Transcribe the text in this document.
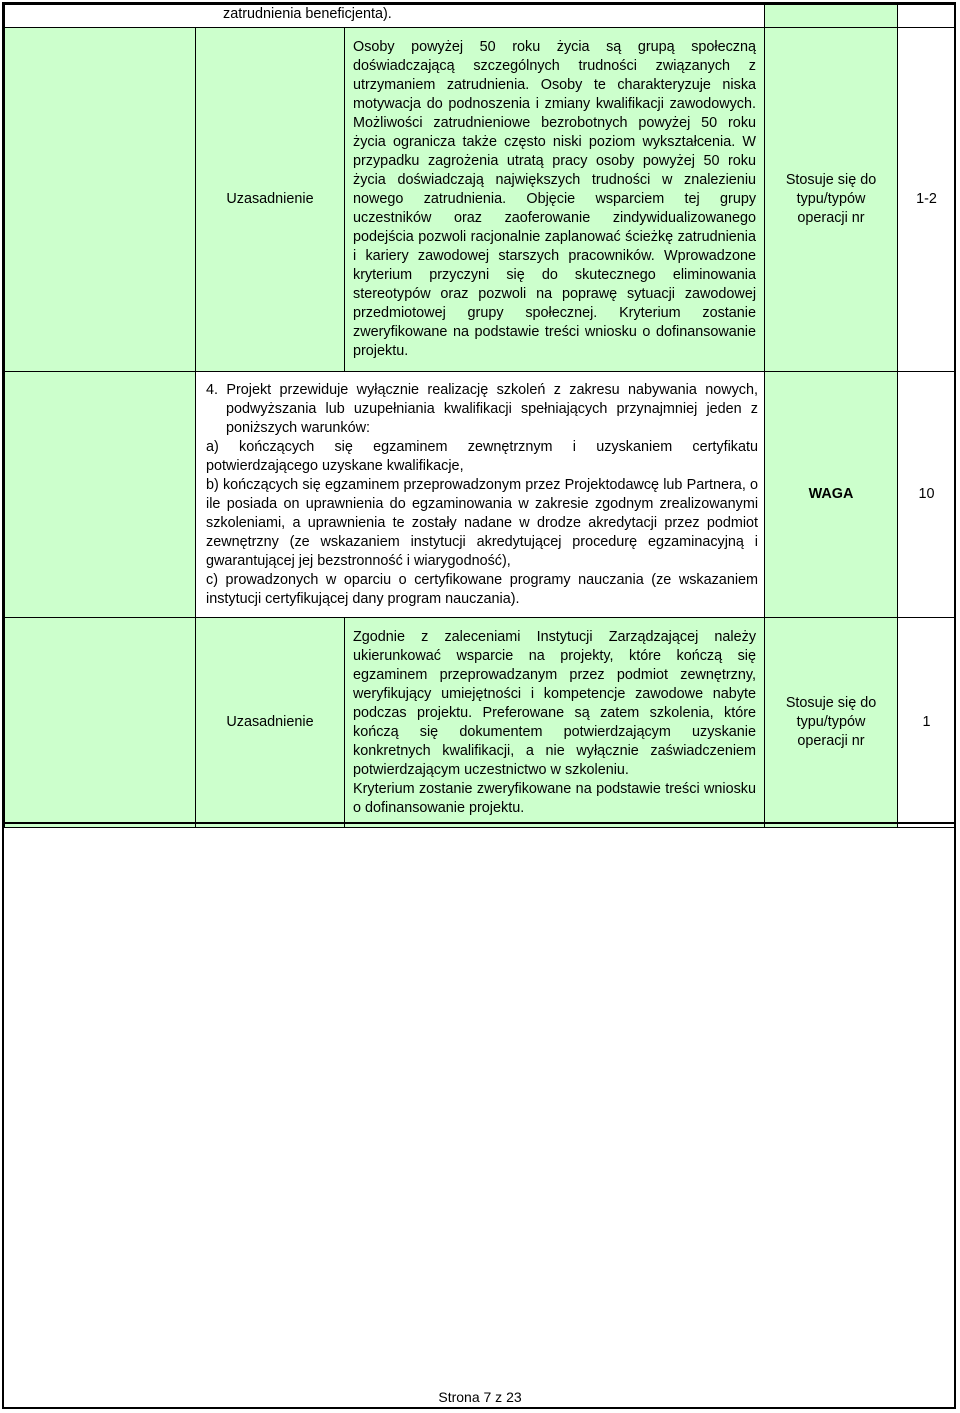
zatrudnienia beneficjenta).				
	Uzasadnienie	Osoby powyżej 50 roku życia są grupą społeczną doświadczającą szczególnych trudności związanych z utrzymaniem zatrudnienia. Osoby te charakteryzuje niska motywacja do podnoszenia i zmiany kwalifikacji zawodowych. Możliwości zatrudnieniowe bezrobotnych powyżej 50 roku życia ogranicza także często niski poziom wykształcenia. W przypadku zagrożenia utratą pracy osoby powyżej 50 roku życia doświadczają największych trudności w znalezieniu nowego zatrudnienia. Objęcie wsparciem tej grupy uczestników oraz zaoferowanie zindywidualizowanego podejścia pozwoli racjonalnie zaplanować ścieżkę zatrudnienia i kariery zawodowej starszych pracowników. Wprowadzone kryterium przyczyni się do skutecznego eliminowania stereotypów oraz pozwoli na poprawę sytuacji zawodowej przedmiotowej grupy społecznej. Kryterium zostanie zweryfikowane na podstawie treści wniosku o dofinansowanie projektu.	Stosuje się do typu/typów operacji nr	1-2

	4. Projekt przewiduje wyłącznie realizację szkoleń z zakresu nabywania nowych, podwyższania lub uzupełniania kwalifikacji spełniających przynajmniej jeden z poniższych warunków:

a) kończących się egzaminem zewnętrznym i uzyskaniem certyfikatu potwierdzającego uzyskane kwalifikacje,

b) kończących się egzaminem przeprowadzonym przez Projektodawcę lub Partnera, o ile posiada on uprawnienia do egzaminowania w zakresie zgodnym zrealizowanymi szkoleniami, a uprawnienia te zostały nadane w drodze akredytacji przez podmiot zewnętrzny (ze wskazaniem instytucji akredytującej procedurę egzaminacyjną i gwarantującej jej bezstronność i wiarygodność),

c) prowadzonych w oparciu o certyfikowane programy nauczania (ze wskazaniem instytucji certyfikującej dany program nauczania).		WAGA	10
	Uzasadnienie	Zgodnie z zaleceniami Instytucji Zarządzającej należy ukierunkować wsparcie na projekty, które kończą się egzaminem przeprowadzanym przez podmiot zewnętrzny, weryfikujący umiejętności i kompetencje zawodowe nabyte podczas projektu. Preferowane są zatem szkolenia, które kończą się dokumentem potwierdzającym uzyskanie konkretnych kwalifikacji, a nie wyłącznie zaświadczeniem potwierdzającym uczestnictwo w szkoleniu.
Kryterium zostanie zweryfikowane na podstawie treści wniosku o dofinansowanie projektu.	Stosuje się do typu/typów operacji nr	1
Strona 7 z 23
